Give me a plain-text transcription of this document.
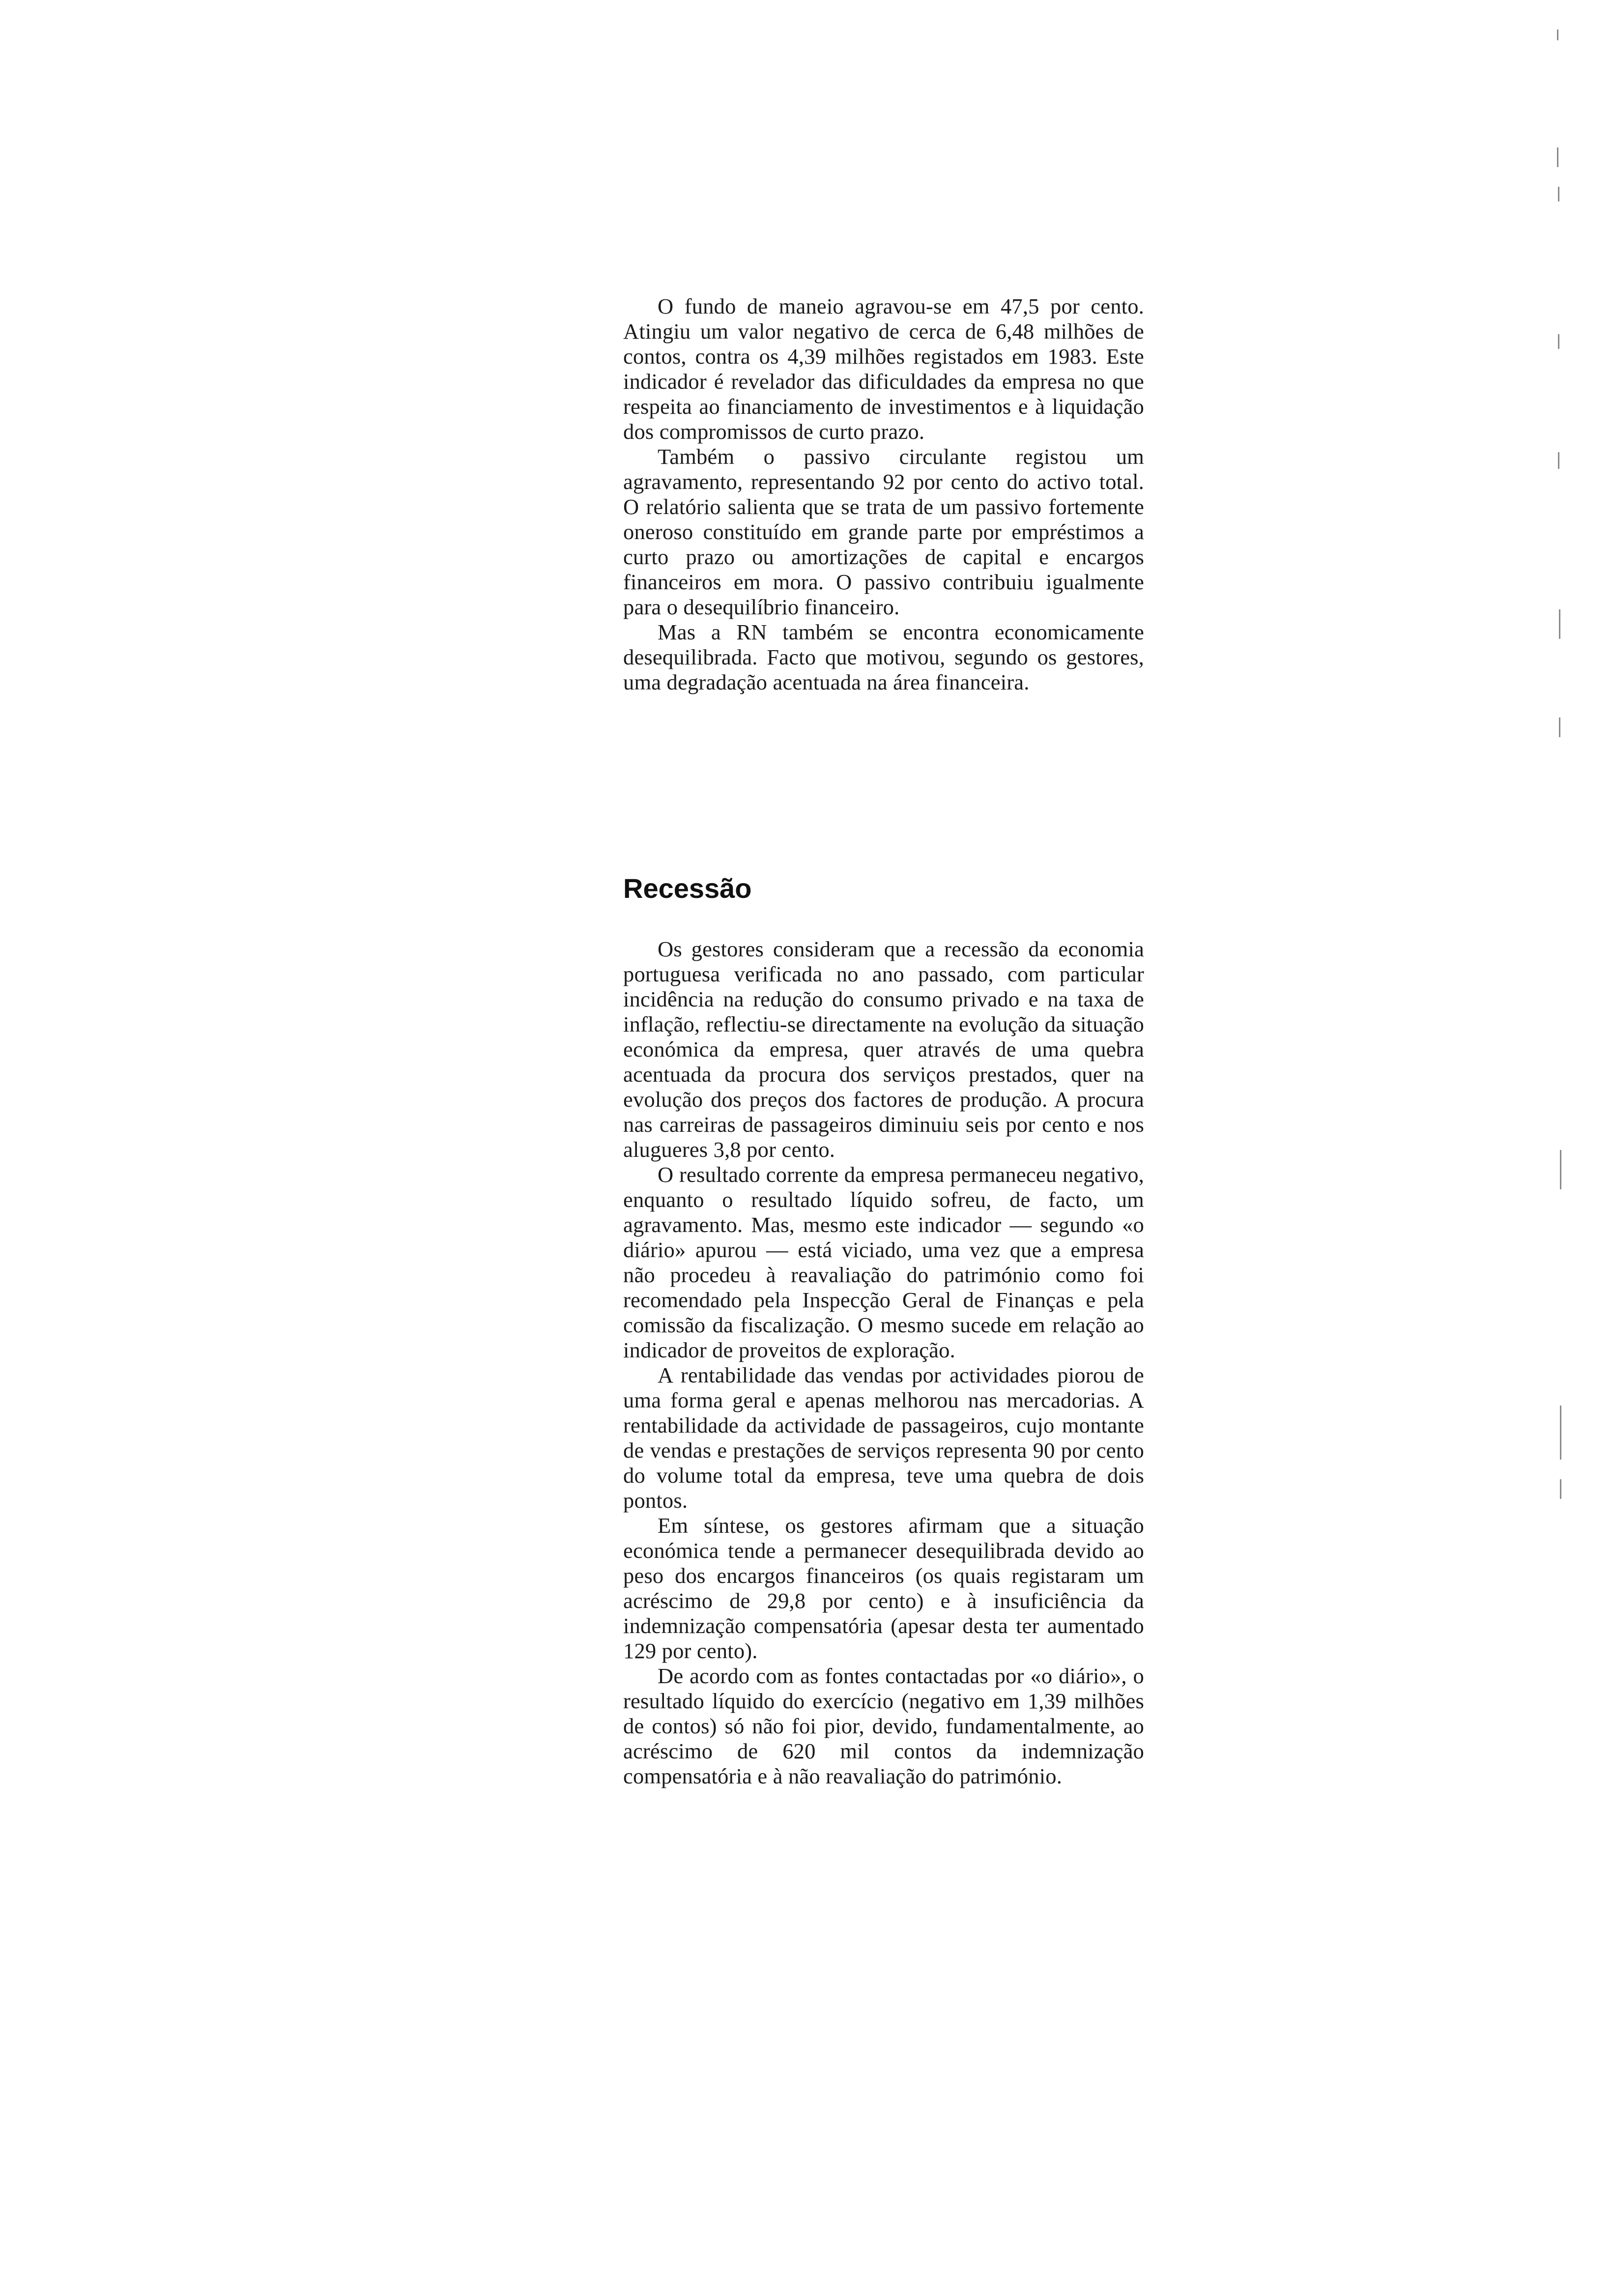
O fundo de maneio agravou-se em 47,5 por cento. Atingiu um valor negativo de cerca de 6,48 milhões de contos, contra os 4,39 milhões registados em 1983. Este indicador é revelador das dificuldades da empresa no que respeita ao financiamento de investimentos e à liquidação dos compromissos de curto prazo.

Também o passivo circulante registou um agravamento, representando 92 por cento do activo total. O relatório salienta que se trata de um passivo fortemente oneroso constituído em grande parte por empréstimos a curto prazo ou amortizações de capital e encargos financeiros em mora. O passivo contribuiu igualmente para o desequilíbrio financeiro.

Mas a RN também se encontra economicamente desequilibrada. Facto que motivou, segundo os gestores, uma degradação acentuada na área financeira.

Recessão

Os gestores consideram que a recessão da economia portuguesa verificada no ano passado, com particular incidência na redução do consumo privado e na taxa de inflação, reflectiu-se directamente na evolução da situação económica da empresa, quer através de uma quebra acentuada da procura dos serviços prestados, quer na evolução dos preços dos factores de produção. A procura nas carreiras de passageiros diminuiu seis por cento e nos alugueres 3,8 por cento.

O resultado corrente da empresa permaneceu negativo, enquanto o resultado líquido sofreu, de facto, um agravamento. Mas, mesmo este indicador — segundo «o diário» apurou — está viciado, uma vez que a empresa não procedeu à reavaliação do património como foi recomendado pela Inspecção Geral de Finanças e pela comissão da fiscalização. O mesmo sucede em relação ao indicador de proveitos de exploração.

A rentabilidade das vendas por actividades piorou de uma forma geral e apenas melhorou nas mercadorias. A rentabilidade da actividade de passageiros, cujo montante de vendas e prestações de serviços representa 90 por cento do volume total da empresa, teve uma quebra de dois pontos.

Em síntese, os gestores afirmam que a situação económica tende a permanecer desequilibrada devido ao peso dos encargos financeiros (os quais registaram um acréscimo de 29,8 por cento) e à insuficiência da indemnização compensatória (apesar desta ter aumentado 129 por cento).

De acordo com as fontes contactadas por «o diário», o resultado líquido do exercício (negativo em 1,39 milhões de contos) só não foi pior, devido, fundamentalmente, ao acréscimo de 620 mil contos da indemnização compensatória e à não reavaliação do património.
